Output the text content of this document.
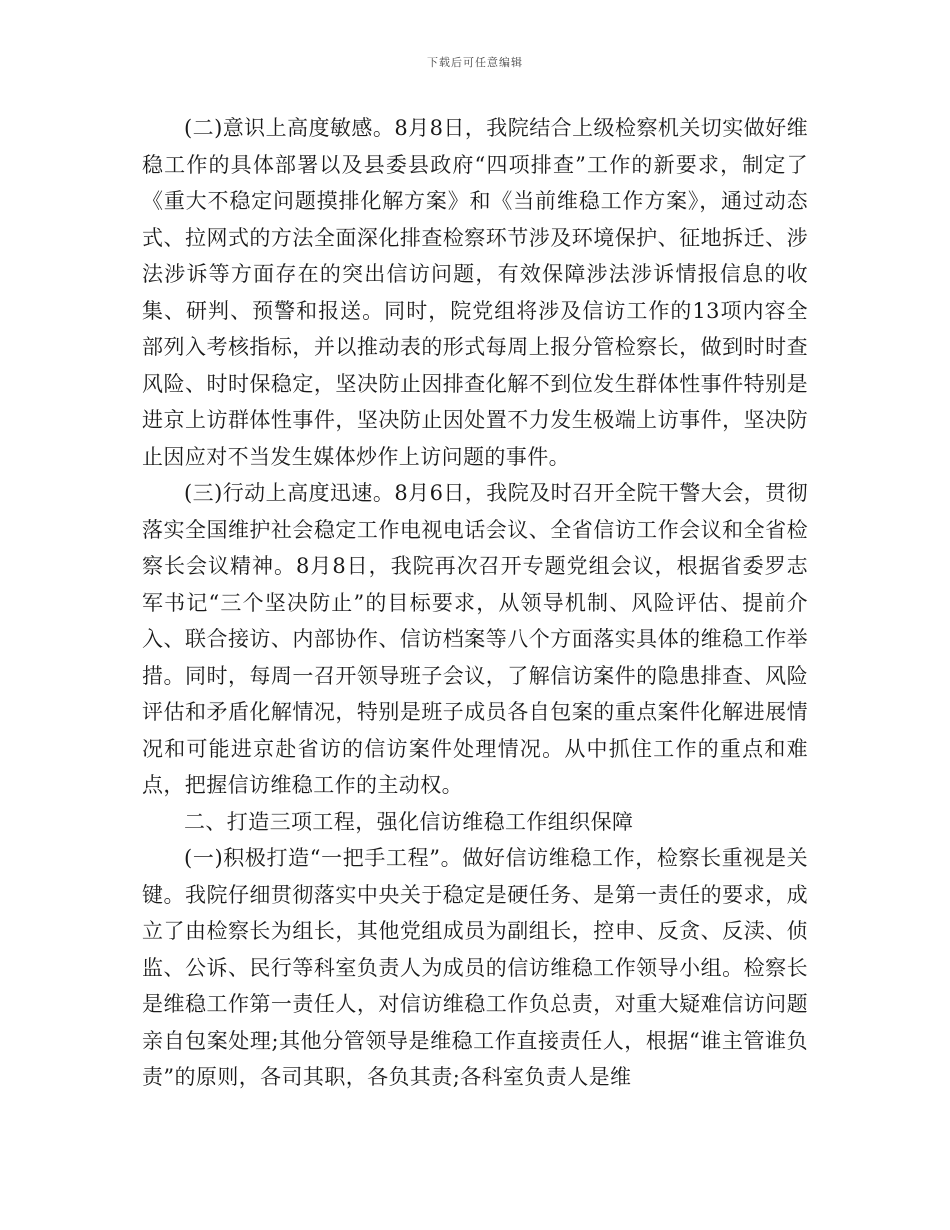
下载后可任意编辑

(二)意识上高度敏感。8月8日，我院结合上级检察机关切实做好维稳工作的具体部署以及县委县政府“四项排查”工作的新要求，制定了《重大不稳定问题摸排化解方案》和《当前维稳工作方案》，通过动态式、拉网式的方法全面深化排查检察环节涉及环境保护、征地拆迁、涉法涉诉等方面存在的突出信访问题，有效保障涉法涉诉情报信息的收集、研判、预警和报送。同时，院党组将涉及信访工作的13项内容全部列入考核指标，并以推动表的形式每周上报分管检察长，做到时时查风险、时时保稳定，坚决防止因排查化解不到位发生群体性事件特别是进京上访群体性事件，坚决防止因处置不力发生极端上访事件，坚决防止因应对不当发生媒体炒作上访问题的事件。

(三)行动上高度迅速。8月6日，我院及时召开全院干警大会，贯彻落实全国维护社会稳定工作电视电话会议、全省信访工作会议和全省检察长会议精神。8月8日，我院再次召开专题党组会议，根据省委罗志军书记“三个坚决防止”的目标要求，从领导机制、风险评估、提前介入、联合接访、内部协作、信访档案等八个方面落实具体的维稳工作举措。同时，每周一召开领导班子会议，了解信访案件的隐患排查、风险评估和矛盾化解情况，特别是班子成员各自包案的重点案件化解进展情况和可能进京赴省访的信访案件处理情况。从中抓住工作的重点和难点，把握信访维稳工作的主动权。

二、打造三项工程，强化信访维稳工作组织保障

(一)积极打造“一把手工程”。做好信访维稳工作，检察长重视是关键。我院仔细贯彻落实中央关于稳定是硬任务、是第一责任的要求，成立了由检察长为组长，其他党组成员为副组长，控申、反贪、反渎、侦监、公诉、民行等科室负责人为成员的信访维稳工作领导小组。检察长是维稳工作第一责任人，对信访维稳工作负总责，对重大疑难信访问题亲自包案处理;其他分管领导是维稳工作直接责任人，根据“谁主管谁负责”的原则，各司其职，各负其责;各科室负责人是维
